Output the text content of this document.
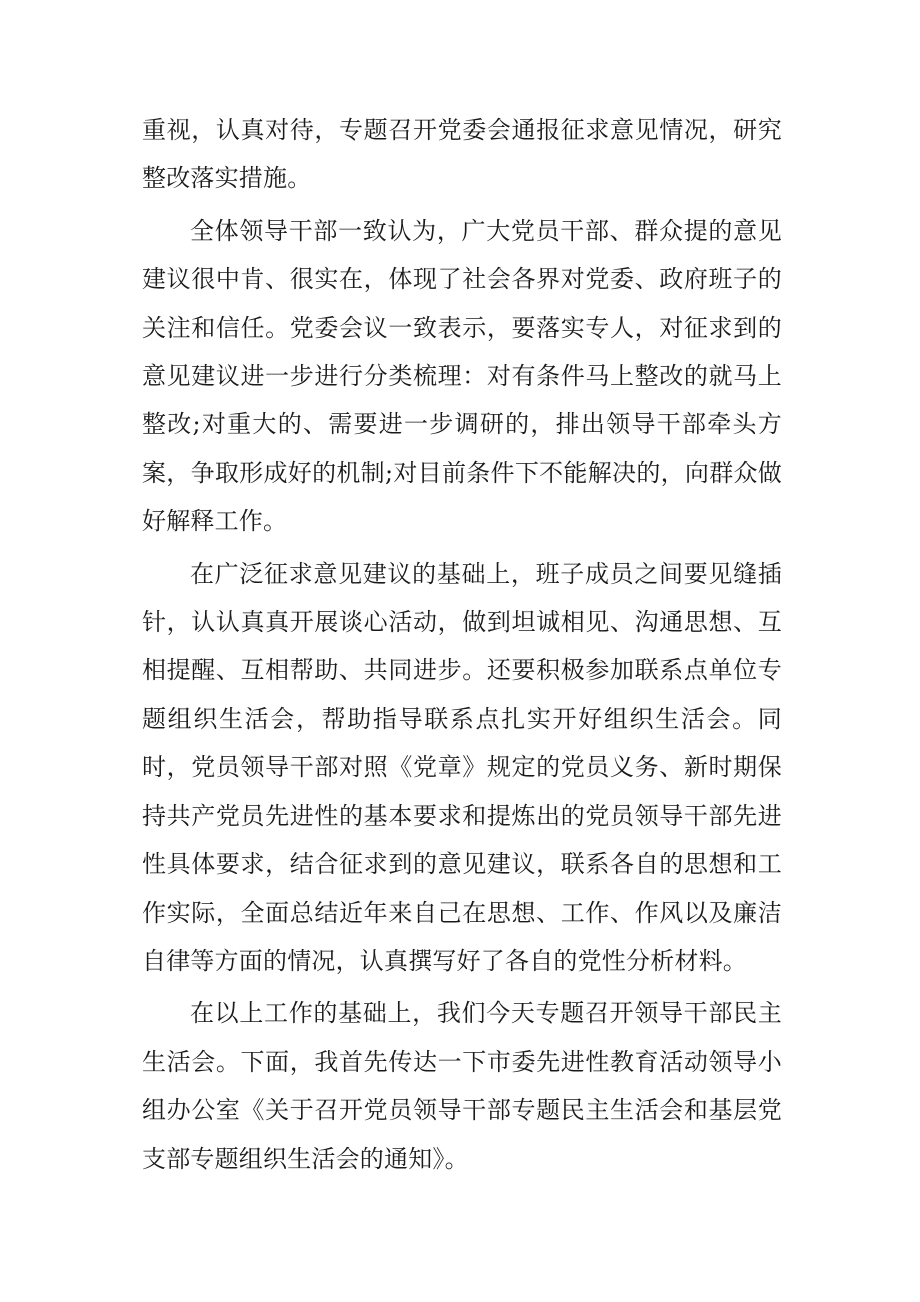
重视，认真对待，专题召开党委会通报征求意见情况，研究整改落实措施。

全体领导干部一致认为，广大党员干部、群众提的意见建议很中肯、很实在，体现了社会各界对党委、政府班子的关注和信任。党委会议一致表示，要落实专人，对征求到的意见建议进一步进行分类梳理：对有条件马上整改的就马上整改;对重大的、需要进一步调研的，排出领导干部牵头方案，争取形成好的机制;对目前条件下不能解决的，向群众做好解释工作。

在广泛征求意见建议的基础上，班子成员之间要见缝插针，认认真真开展谈心活动，做到坦诚相见、沟通思想、互相提醒、互相帮助、共同进步。还要积极参加联系点单位专题组织生活会，帮助指导联系点扎实开好组织生活会。同时，党员领导干部对照《党章》规定的党员义务、新时期保持共产党员先进性的基本要求和提炼出的党员领导干部先进性具体要求，结合征求到的意见建议，联系各自的思想和工作实际，全面总结近年来自己在思想、工作、作风以及廉洁自律等方面的情况，认真撰写好了各自的党性分析材料。

在以上工作的基础上，我们今天专题召开领导干部民主生活会。下面，我首先传达一下市委先进性教育活动领导小组办公室《关于召开党员领导干部专题民主生活会和基层党支部专题组织生活会的通知》。
